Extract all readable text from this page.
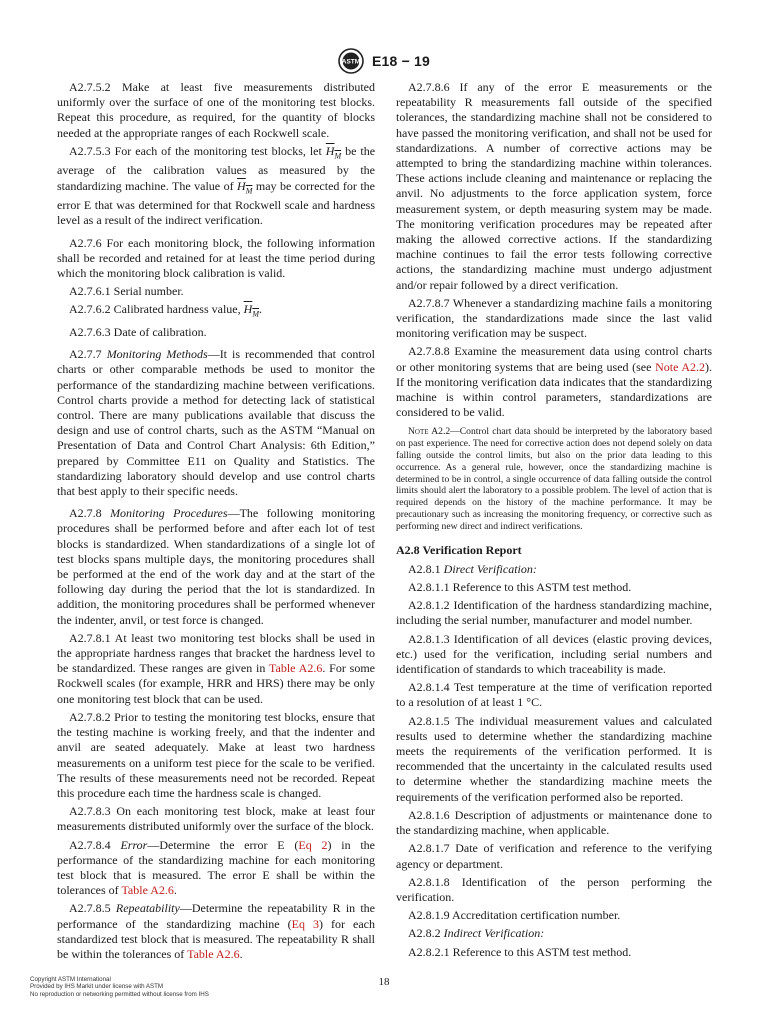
ASTM E18 − 19

A2.7.5.2 Make at least five measurements distributed uniformly over the surface of one of the monitoring test blocks. Repeat this procedure, as required, for the quantity of blocks needed at the appropriate ranges of each Rockwell scale.

A2.7.5.3 For each of the monitoring test blocks, let $H_M$ be the average of the calibration values as measured by the standardizing machine. The value of $H_M$ may be corrected for the error E that was determined for that Rockwell scale and hardness level as a result of the indirect verification.

A2.7.6 For each monitoring block, the following information shall be recorded and retained for at least the time period during which the monitoring block calibration is valid.

A2.7.6.1 Serial number.

A2.7.6.2 Calibrated hardness value, $H_M$.

A2.7.6.3 Date of calibration.

A2.7.7 Monitoring Methods—It is recommended that control charts or other comparable methods be used to monitor the performance of the standardizing machine between verifications. Control charts provide a method for detecting lack of statistical control. There are many publications available that discuss the design and use of control charts, such as the ASTM “Manual on Presentation of Data and Control Chart Analysis: 6th Edition,” prepared by Committee E11 on Quality and Statistics. The standardizing laboratory should develop and use control charts that best apply to their specific needs.

A2.7.8 Monitoring Procedures—The following monitoring procedures shall be performed before and after each lot of test blocks is standardized. When standardizations of a single lot of test blocks spans multiple days, the monitoring procedures shall be performed at the end of the work day and at the start of the following day during the period that the lot is standardized. In addition, the monitoring procedures shall be performed whenever the indenter, anvil, or test force is changed.

A2.7.8.1 At least two monitoring test blocks shall be used in the appropriate hardness ranges that bracket the hardness level to be standardized. These ranges are given in Table A2.6. For some Rockwell scales (for example, HRR and HRS) there may be only one monitoring test block that can be used.

A2.7.8.2 Prior to testing the monitoring test blocks, ensure that the testing machine is working freely, and that the indenter and anvil are seated adequately. Make at least two hardness measurements on a uniform test piece for the scale to be verified. The results of these measurements need not be recorded. Repeat this procedure each time the hardness scale is changed.

A2.7.8.3 On each monitoring test block, make at least four measurements distributed uniformly over the surface of the block.

A2.7.8.4 Error—Determine the error E (Eq 2) in the performance of the standardizing machine for each monitoring test block that is measured. The error E shall be within the tolerances of Table A2.6.

A2.7.8.5 Repeatability—Determine the repeatability R in the performance of the standardizing machine (Eq 3) for each standardized test block that is measured. The repeatability R shall be within the tolerances of Table A2.6.

A2.7.8.6 If any of the error E measurements or the repeatability R measurements fall outside of the specified tolerances, the standardizing machine shall not be considered to have passed the monitoring verification, and shall not be used for standardizations. A number of corrective actions may be attempted to bring the standardizing machine within tolerances. These actions include cleaning and maintenance or replacing the anvil. No adjustments to the force application system, force measurement system, or depth measuring system may be made. The monitoring verification procedures may be repeated after making the allowed corrective actions. If the standardizing machine continues to fail the error tests following corrective actions, the standardizing machine must undergo adjustment and/or repair followed by a direct verification.

A2.7.8.7 Whenever a standardizing machine fails a monitoring verification, the standardizations made since the last valid monitoring verification may be suspect.

A2.7.8.8 Examine the measurement data using control charts or other monitoring systems that are being used (see Note A2.2). If the monitoring verification data indicates that the standardizing machine is within control parameters, standardizations are considered to be valid.

Note A2.2—Control chart data should be interpreted by the laboratory based on past experience. The need for corrective action does not depend solely on data falling outside the control limits, but also on the prior data leading to this occurrence. As a general rule, however, once the standardizing machine is determined to be in control, a single occurrence of data falling outside the control limits should alert the laboratory to a possible problem. The level of action that is required depends on the history of the machine performance. It may be precautionary such as increasing the monitoring frequency, or corrective such as performing new direct and indirect verifications.

A2.8 Verification Report

A2.8.1 Direct Verification:

A2.8.1.1 Reference to this ASTM test method.

A2.8.1.2 Identification of the hardness standardizing machine, including the serial number, manufacturer and model number.

A2.8.1.3 Identification of all devices (elastic proving devices, etc.) used for the verification, including serial numbers and identification of standards to which traceability is made.

A2.8.1.4 Test temperature at the time of verification reported to a resolution of at least 1 °C.

A2.8.1.5 The individual measurement values and calculated results used to determine whether the standardizing machine meets the requirements of the verification performed. It is recommended that the uncertainty in the calculated results used to determine whether the standardizing machine meets the requirements of the verification performed also be reported.

A2.8.1.6 Description of adjustments or maintenance done to the standardizing machine, when applicable.

A2.8.1.7 Date of verification and reference to the verifying agency or department.

A2.8.1.8 Identification of the person performing the verification.

A2.8.1.9 Accreditation certification number.

A2.8.2 Indirect Verification:

A2.8.2.1 Reference to this ASTM test method.

Copyright ASTM International
Provided by IHS Markit under license with ASTM
No reproduction or networking permitted without license from IHS
18
